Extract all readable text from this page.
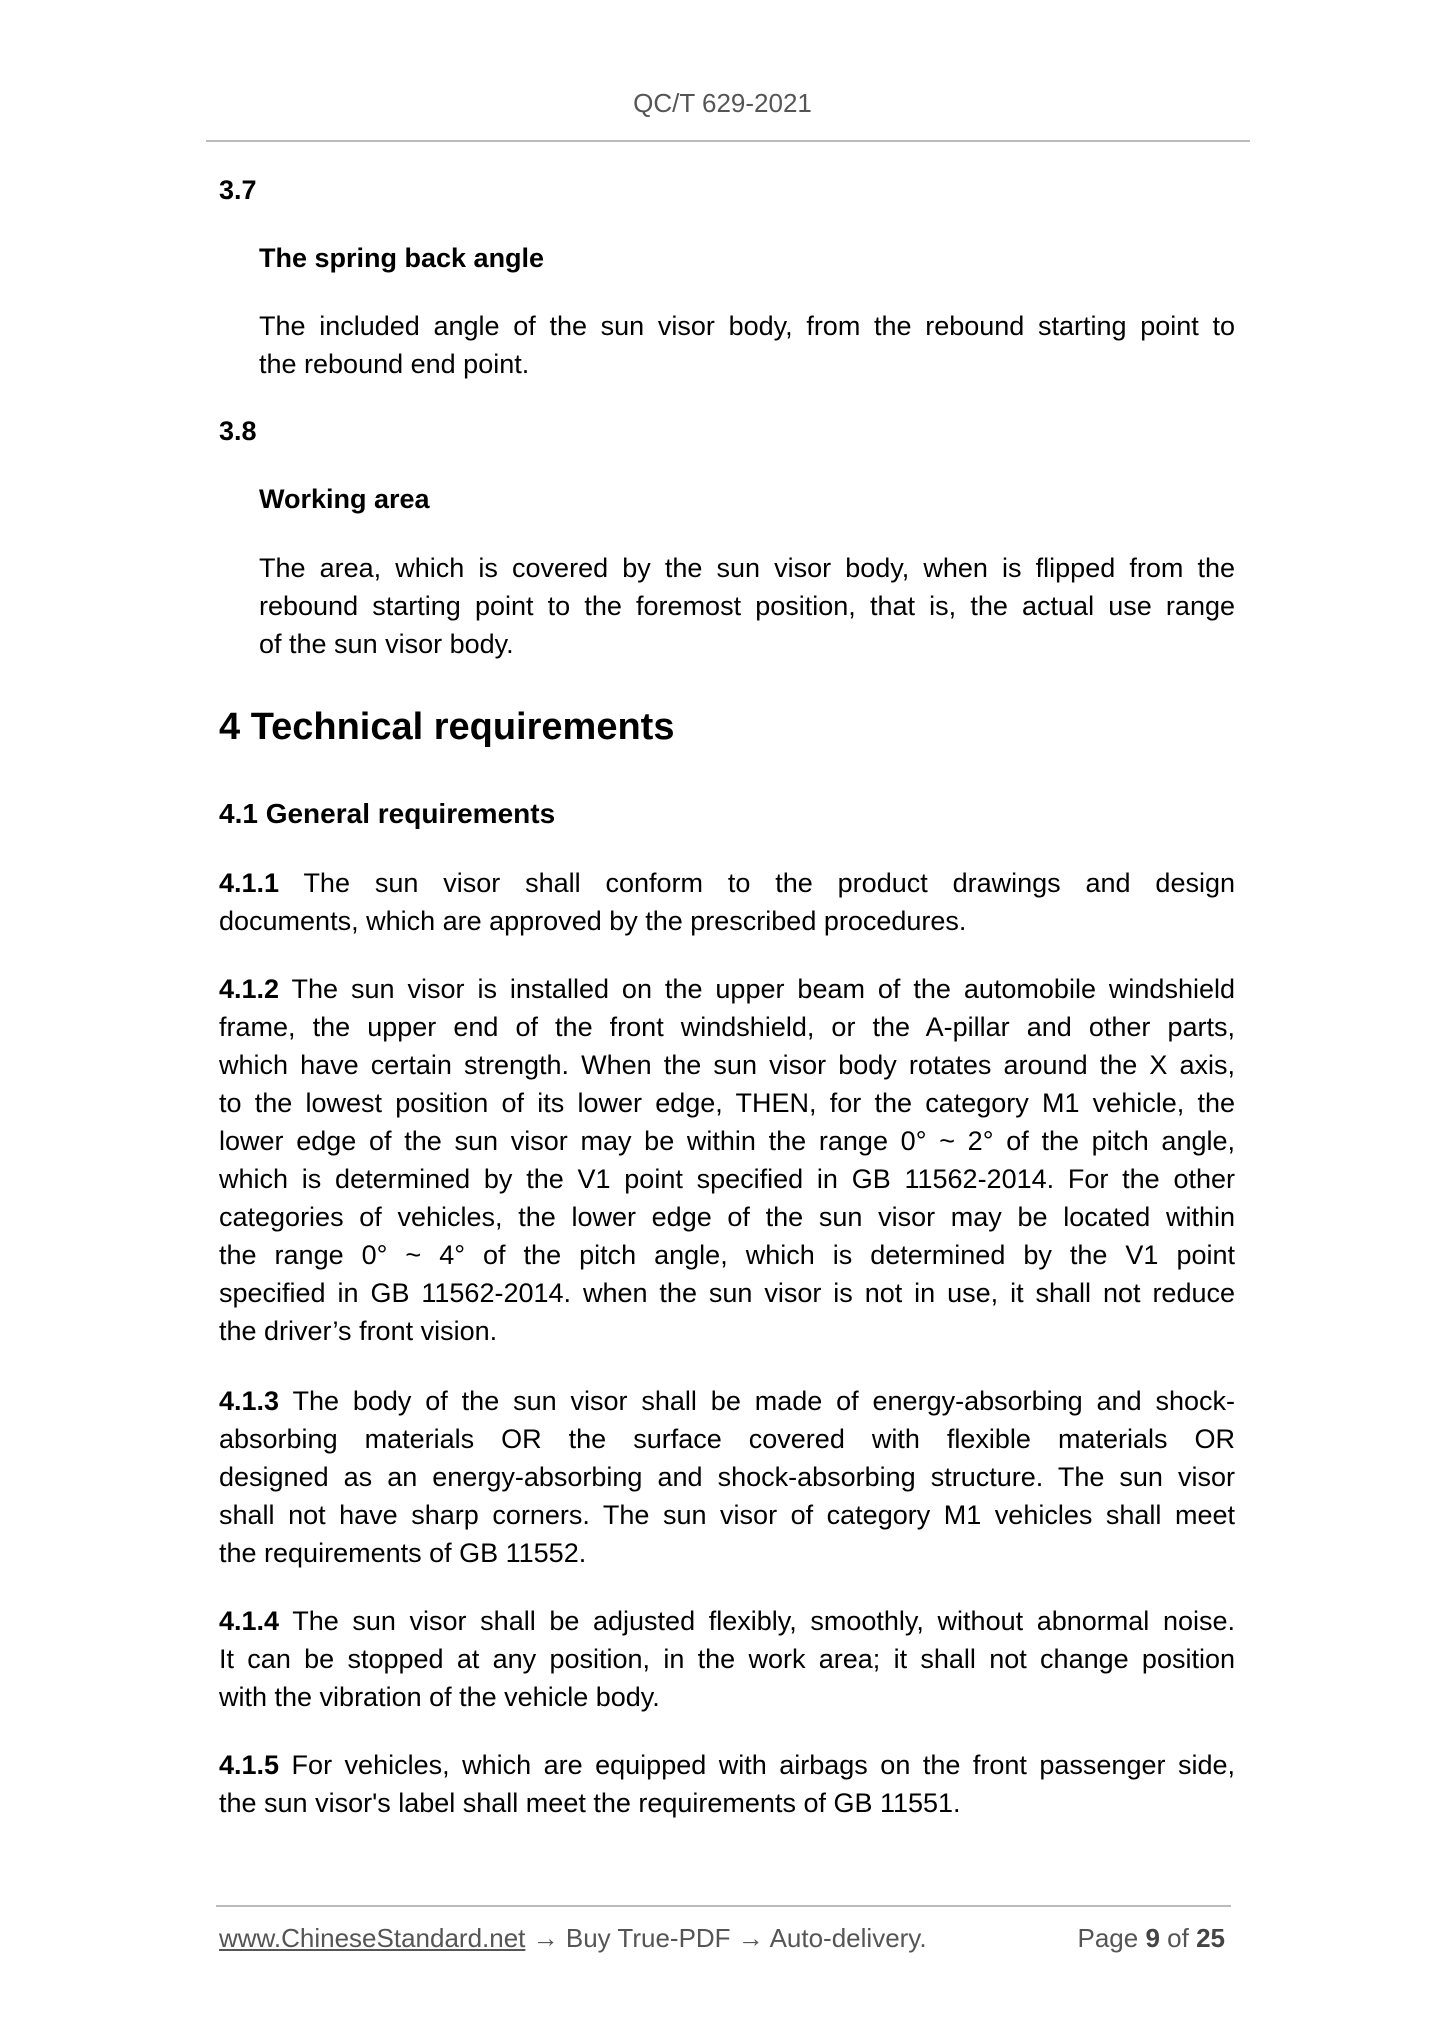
QC/T 629-2021
3.7
The spring back angle
The included angle of the sun visor body, from the rebound starting point to
the rebound end point.
3.8
Working area
The area, which is covered by the sun visor body, when is flipped from the
rebound starting point to the foremost position, that is, the actual use range
of the sun visor body.
4 Technical requirements
4.1 General requirements
4.1.1 The sun visor shall conform to the product drawings and design
documents, which are approved by the prescribed procedures.
4.1.2 The sun visor is installed on the upper beam of the automobile windshield
frame, the upper end of the front windshield, or the A-pillar and other parts,
which have certain strength. When the sun visor body rotates around the X axis,
to the lowest position of its lower edge, THEN, for the category M1 vehicle, the
lower edge of the sun visor may be within the range 0° ~ 2° of the pitch angle,
which is determined by the V1 point specified in GB 11562-2014. For the other
categories of vehicles, the lower edge of the sun visor may be located within
the range 0° ~ 4° of the pitch angle, which is determined by the V1 point
specified in GB 11562-2014. when the sun visor is not in use, it shall not reduce
the driver’s front vision.
4.1.3 The body of the sun visor shall be made of energy-absorbing and shock-
absorbing materials OR the surface covered with flexible materials OR
designed as an energy-absorbing and shock-absorbing structure. The sun visor
shall not have sharp corners. The sun visor of category M1 vehicles shall meet
the requirements of GB 11552.
4.1.4 The sun visor shall be adjusted flexibly, smoothly, without abnormal noise.
It can be stopped at any position, in the work area; it shall not change position
with the vibration of the vehicle body.
4.1.5 For vehicles, which are equipped with airbags on the front passenger side,
the sun visor's label shall meet the requirements of GB 11551.
www.ChineseStandard.net → Buy True-PDF → Auto-delivery.	Page 9 of 25
